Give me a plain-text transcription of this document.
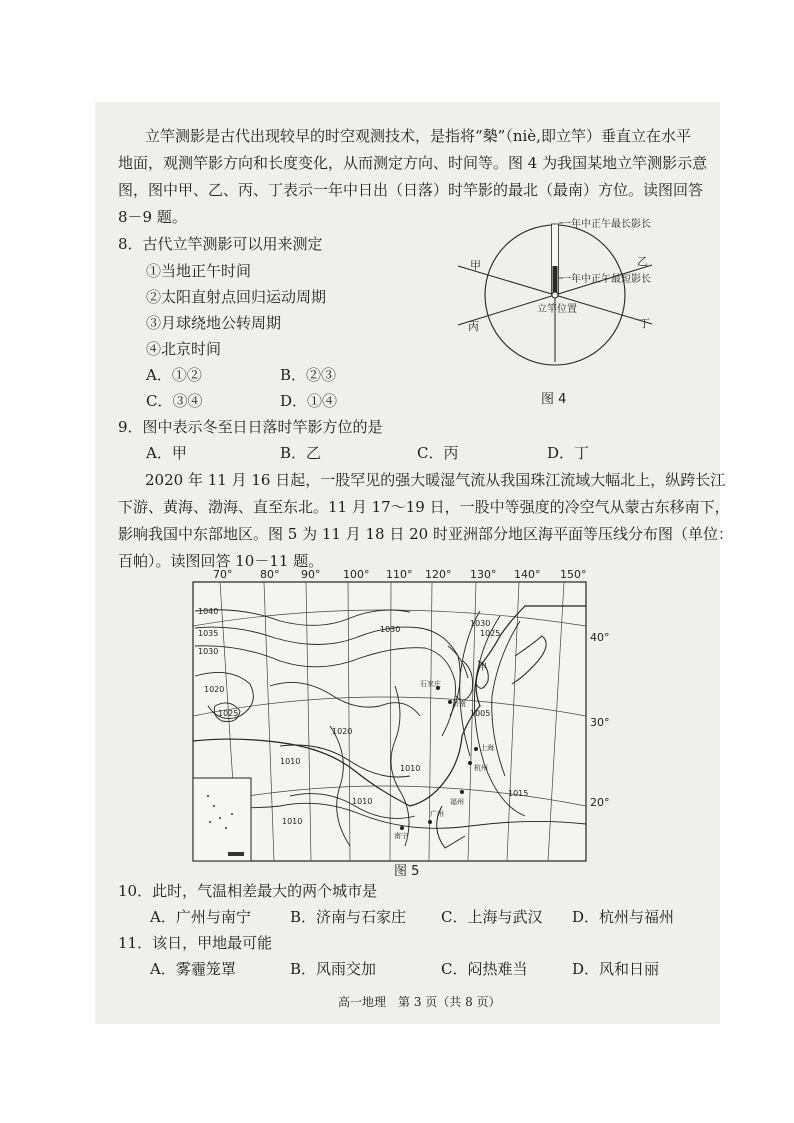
立竿测影是古代出现较早的时空观测技术，是指将“槷”（niè,即立竿）垂直立在水平
地面，观测竿影方向和长度变化，从而测定方向、时间等。图 4 为我国某地立竿测影示意
图，图中甲、乙、丙、丁表示一年中日出（日落）时竿影的最北（最南）方位。读图回答
8－9 题。
8．古代立竿测影可以用来测定
①当地正午时间
②太阳直射点回归运动周期
③月球绕地公转周期
④北京时间
A．①②	B．②③
C．③④	D．①④
一年中正午最长影长
一年中正午最短影长
立竿位置
甲	乙
丙	丁
图 4
9．图中表示冬至日日落时竿影方位的是
A．甲	B．乙	C．丙	D．丁
2020 年 11 月 16 日起，一股罕见的强大暖湿气流从我国珠江流域大幅北上，纵跨长江
下游、黄海、渤海、直至东北。11 月 17～19 日，一股中等强度的冷空气从蒙古东移南下，
影响我国中东部地区。图 5 为 11 月 18 日 20 时亚洲部分地区海平面等压线分布图（单位：
百帕）。读图回答 10－11 题。
70°	80° 90° 100° 110° 120° 130° 140° 150°
40°
30°
20°
1040
1035
1030
1020
1025
1030
1030
1025
1020
1005
1010
1015
1010
1010
1010
甲
石家庄
济南
上海
杭州
福州
广州
南宁
图 5
10．此时，气温相差最大的两个城市是
A．广州与南宁	B．济南与石家庄 C．上海与武汉 D．杭州与福州
11．该日，甲地最可能
A．雾霾笼罩	B．风雨交加	C．闷热难当	D．风和日丽
高一地理　第 3 页（共 8 页）
